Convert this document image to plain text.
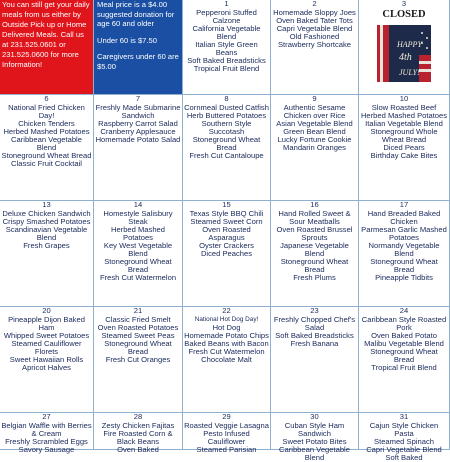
You can still get your daily meals from us either by Outside Pick up or Home Delivered Meals. Call us at 231.525.0601 or 231.525.0600 for more Information!

Meal price is a $4.00 suggested donation for age 60 and older

Under 60 is $7.50

Caregivers under 60 are $5.00

1
Pepperoni Stuffed Calzone
California Vegetable Blend
Italian Style Green Beans
Soft Baked Breadsticks
Tropical Fruit Blend
2
Homemade Sloppy Joes
Oven Baked Tater Tots
Capri Vegetable Blend
Old Fashioned Strawberry Shortcake
3
CLOSED
HAPPY
4th
JULY!
6
National Fried Chicken Day!
Chicken Tenders
Herbed Mashed Potatoes
Caribbean Vegetable Blend
Stoneground Wheat Bread
Classic Fruit Cocktail
7
Freshly Made Submarine Sandwich
Raspberry Carrot Salad
Cranberry Applesauce
Homemade Potato Salad
8
Cornmeal Dusted Catfish
Herb Buttered Potatoes
Southern Style Succotash
Stoneground Wheat Bread
Fresh Cut Cantaloupe
9
Authentic Sesame Chicken over Rice
Asian Vegetable Blend
Green Bean Blend
Lucky Fortune Cookie
Mandarin Oranges
10
Slow Roasted Beef
Herbed Mashed Potatoes
Italian Vegetable Blend
Stoneground Whole Wheat Bread
Diced Pears
Birthday Cake Bites
13
Deluxe Chicken Sandwich
Crispy Smashed Potatoes
Scandinavian Vegetable Blend
Fresh Grapes
14
Homestyle Salisbury Steak
Herbed Mashed Potatoes
Key West Vegetable Blend
Stoneground Wheat Bread
Fresh Cut Watermelon
15
Texas Style BBQ Chili
Steamed Sweet Corn
Oven Roasted Asparagus
Oyster Crackers
Diced Peaches
16
Hand Rolled Sweet & Sour Meatballs
Oven Roasted Brussel Sprouts
Japanese Vegetable Blend
Stoneground Wheat Bread
Fresh Plums
17
Hand Breaded Baked Chicken
Parmesan Garlic Mashed Potatoes
Normandy Vegetable Blend
Stoneground Wheat Bread
Pineapple Tidbits
20
Pineapple Dijon Baked Ham
Whipped Sweet Potatoes
Steamed Cauliflower Florets
Sweet Hawaiian Rolls
Apricot Halves
21
Classic Fried Smelt
Oven Roasted Potatoes
Steamed Sweet Peas
Stoneground Wheat Bread
Fresh Cut Oranges
22
National Hot Dog Day!
Hot Dog
Homemade Potato Chips
Baked Beans with Bacon
Fresh Cut Watermelon
Chocolate Malt
23
Freshly Chopped Chef's Salad
Soft Baked Breadsticks
Fresh Banana
24
Caribbean Style Roasted Pork
Oven Baked Potato
Malibu Vegetable Blend
Stoneground Wheat Bread
Tropical Fruit Blend
27
Belgian Waffle with Berries & Cream
Freshly Scrambled Eggs
Savory Sausage
28
Zesty Chicken Fajitas
Fire Roasted Corn & Black Beans
Oven Baked
29
Roasted Veggie Lasagna
Pesto Infused Cauliflower
Steamed Parisian
30
Cuban Style Ham Sandwich
Sweet Potato Bites
Caribbean Vegetable Blend
31
Cajun Style Chicken Pasta
Steamed Spinach
Capri Vegetable Blend
Soft Baked
